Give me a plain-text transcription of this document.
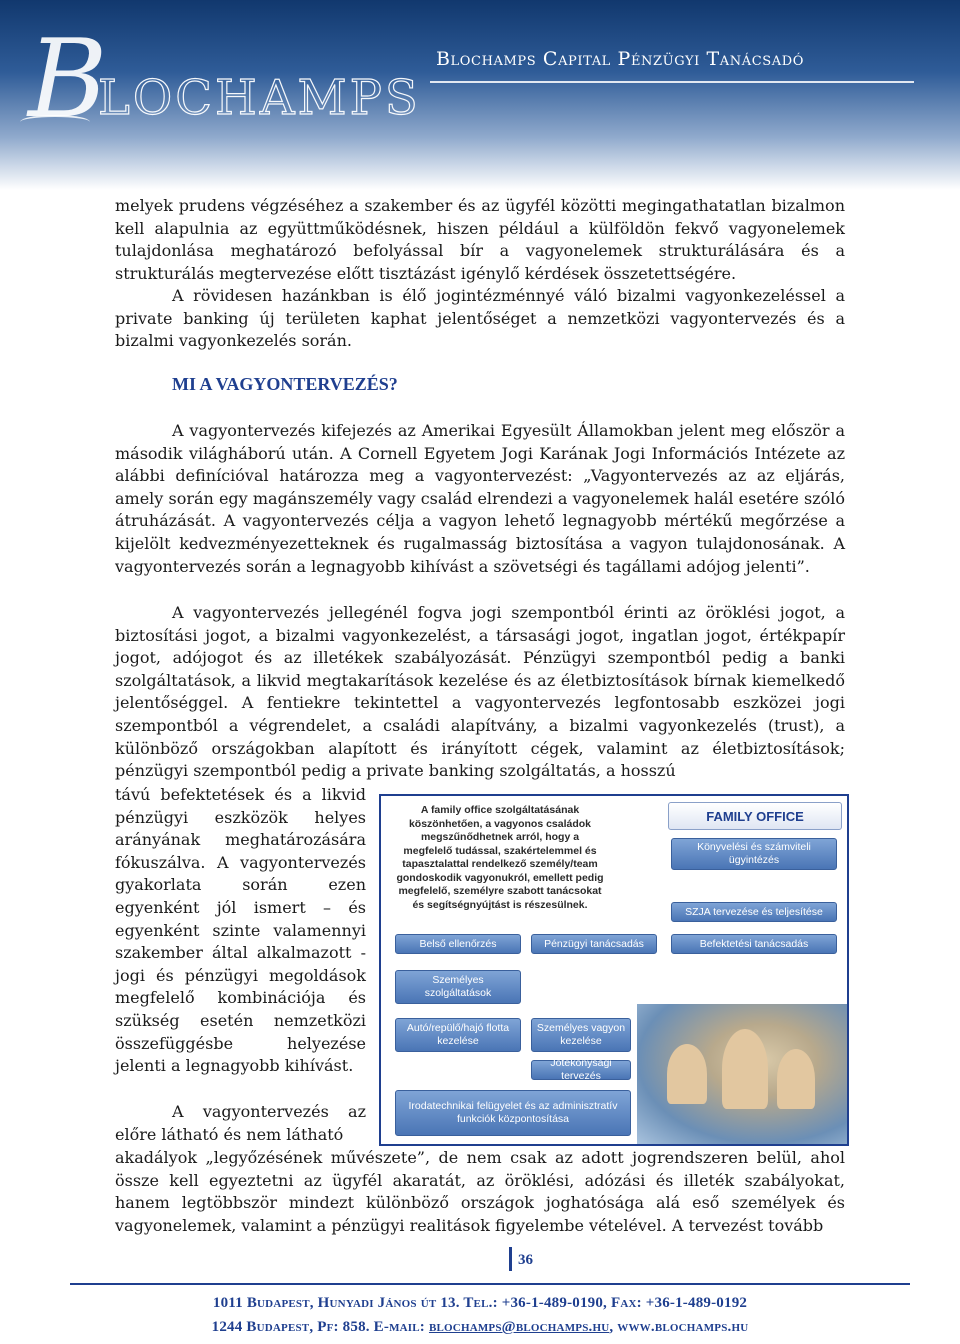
B
LOCHAMPS
Blochamps Capital Pénzügyi Tanácsadó

melyek prudens végzéséhez a szakember és az ügyfél közötti megingathatatlan bizalmon kell alapulnia az együttműködésnek, hiszen például a külföldön fekvő vagyonelemek tulajdonlása meghatározó befolyással bír a vagyonelemek strukturálására és a strukturálás megtervezése előtt tisztázást igénylő kérdések összetettségére.

A rövidesen hazánkban is élő jogintézménnyé váló bizalmi vagyonkezeléssel a private banking új területen kaphat jelentőséget a nemzetközi vagyontervezés és a bizalmi vagyonkezelés során.

MI A VAGYONTERVEZÉS?

A vagyontervezés kifejezés az Amerikai Egyesült Államokban jelent meg először a második világháború után. A Cornell Egyetem Jogi Karának Jogi Információs Intézete az alábbi definícióval határozza meg a vagyontervezést: „Vagyontervezés az az eljárás, amely során egy magánszemély vagy család elrendezi a vagyonelemek halál esetére szóló átruházását. A vagyontervezés célja a vagyon lehető legnagyobb mértékű megőrzése a kijelölt kedvezményezetteknek és rugalmasság biztosítása a vagyon tulajdonosának. A vagyontervezés során a legnagyobb kihívást a szövetségi és tagállami adójog jelenti”.

A vagyontervezés jellegénél fogva jogi szempontból érinti az öröklési jogot, a biztosítási jogot, a bizalmi vagyonkezelést, a társasági jogot, ingatlan jogot, értékpapír jogot, adójogot és az illetékek szabályozását. Pénzügyi szempontból pedig a banki szolgáltatások, a likvid megtakarítások kezelése és az életbiztosítások bírnak kiemelkedő jelentőséggel. A fentiekre tekintettel a vagyontervezés legfontosabb eszközei jogi szempontból a végrendelet, a családi alapítvány, a bizalmi vagyonkezelés (trust), a különböző országokban alapított és irányított cégek, valamint az életbiztosítások; pénzügyi szempontból pedig a private banking szolgáltatás, a hosszú

távú befektetések és a likvid pénzügyi eszközök helyes arányának meghatározására fókuszálva. A vagyontervezés gyakorlata során ezen egyenként jól ismert – és egyenként szinte valamennyi szakember által alkalmazott - jogi és pénzügyi megoldások megfelelő kombinációja és szükség esetén nemzetközi összefüggésbe helyezése jelenti a legnagyobb kihívást.

A vagyontervezés az előre látható és nem látható

akadályok „legyőzésének művészete”, de nem csak az adott jogrendszeren belül, ahol össze kell egyeztetni az ügyfél akaratát, az öröklési, adózási és illeték szabályokat, hanem legtöbbször mindezt különböző országok joghatósága alá eső személyek és vagyonelemek, valamint a pénzügyi realitások figyelembe vételével. A tervezést tovább

A family office szolgáltatásának köszönhetően, a vagyonos családok megszűnődhetnek arról, hogy a megfelelő tudással, szakértelemmel és tapasztalattal rendelkező személy/team gondoskodik vagyonukról, emellett pedig megfelelő, személyre szabott tanácsokat és segítségnyújtást is részesülnek.
FAMILY OFFICE
Könyvelési és számviteli ügyintézés
SZJA tervezése és teljesítése
Belső ellenőrzés	Pénzügyi tanácsadás	Befektetési tanácsadás
Személyes szolgáltatások
Autó/repülő/hajó flotta kezelése
Személyes vagyon kezelése
Jótékonysági tervezés
Irodatechnikai felügyelet és az adminisztratív funkciók központosítása
36
1011 Budapest, Hunyadi János út 13. Tel.: +36-1-489-0190, Fax: +36-1-489-0192
1244 Budapest, Pf: 858. E-mail: blochamps@blochamps.hu, www.blochamps.hu
